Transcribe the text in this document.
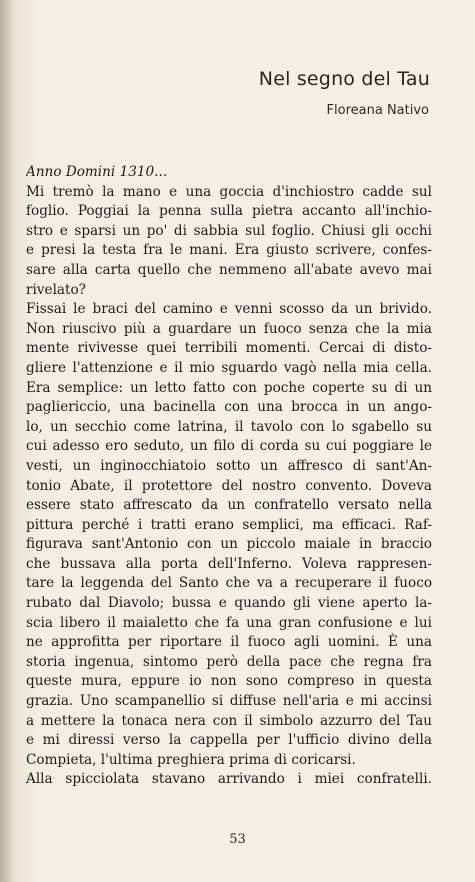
Nel segno del Tau
Floreana Nativo
Anno Domini 1310...
Mi tremò la mano e una goccia d'inchiostro cadde sul
foglio. Poggiai la penna sulla pietra accanto all'inchio-
stro e sparsi un po' di sabbia sul foglio. Chiusi gli occhi
e presi la testa fra le mani. Era giusto scrivere, confes-
sare alla carta quello che nemmeno all'abate avevo mai
rivelato?
Fissai le braci del camino e venni scosso da un brivido.
Non riuscivo più a guardare un fuoco senza che la mia
mente rivivesse quei terribili momenti. Cercai di disto-
gliere l'attenzione e il mio sguardo vagò nella mia cella.
Era semplice: un letto fatto con poche coperte su di un
pagliericcio, una bacinella con una brocca in un ango-
lo, un secchio come latrina, il tavolo con lo sgabello su
cui adesso ero seduto, un filo di corda su cui poggiare le
vesti, un inginocchiatoio sotto un affresco di sant'An-
tonio Abate, il protettore del nostro convento. Doveva
essere stato affrescato da un confratello versato nella
pittura perché i tratti erano semplici, ma efficaci. Raf-
figurava sant'Antonio con un piccolo maiale in braccio
che bussava alla porta dell'Inferno. Voleva rappresen-
tare la leggenda del Santo che va a recuperare il fuoco
rubato dal Diavolo; bussa e quando gli viene aperto la-
scia libero il maialetto che fa una gran confusione e lui
ne approfitta per riportare il fuoco agli uomini. È una
storia ingenua, sintomo però della pace che regna fra
queste mura, eppure io non sono compreso in questa
grazia. Uno scampanellio si diffuse nell'aria e mi accinsi
a mettere la tonaca nera con il simbolo azzurro del Tau
e mi diressi verso la cappella per l'ufficio divino della
Compieta, l'ultima preghiera prima di coricarsi.
Alla spicciolata stavano arrivando i miei confratelli.
53
